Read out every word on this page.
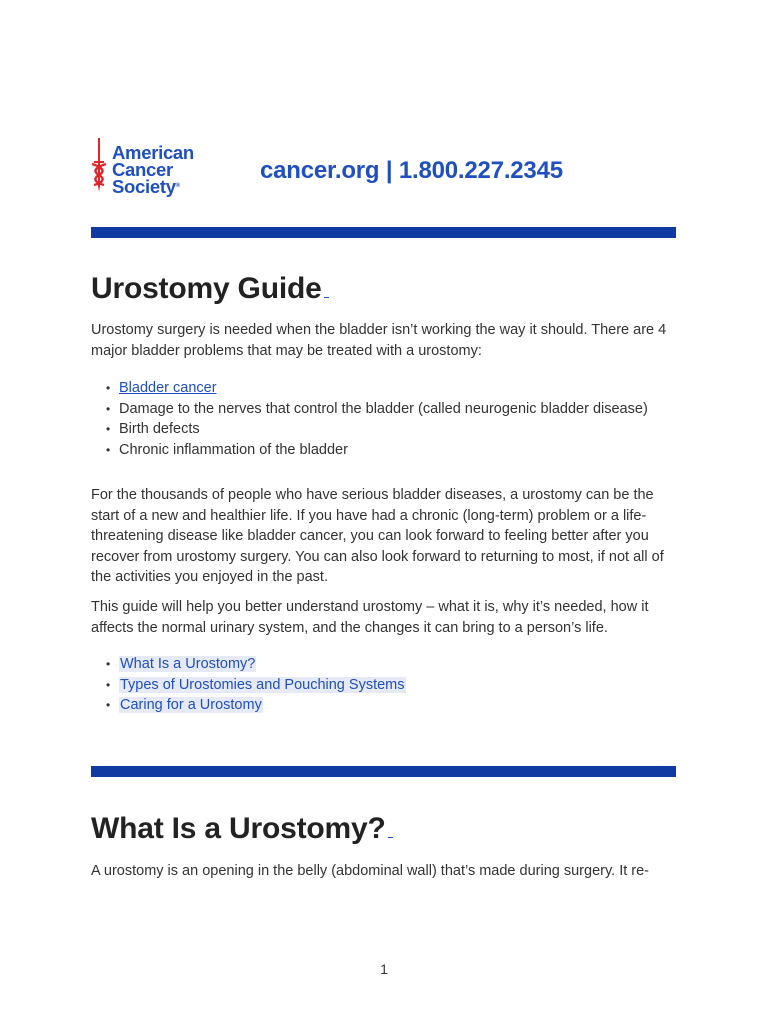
American
Cancer
Society®
cancer.org | 1.800.227.2345
Urostomy Guide

Urostomy surgery is needed when the bladder isn’t working the way it should. There are 4 major bladder problems that may be treated with a urostomy:

• Bladder cancer
• Damage to the nerves that control the bladder (called neurogenic bladder disease)
• Birth defects
• Chronic inflammation of the bladder

For the thousands of people who have serious bladder diseases, a urostomy can be the start of a new and healthier life. If you have had a chronic (long-term) problem or a life-threatening disease like bladder cancer, you can look forward to feeling better after you recover from urostomy surgery. You can also look forward to returning to most, if not all of the activities you enjoyed in the past.

This guide will help you better understand urostomy – what it is, why it’s needed, how it affects the normal urinary system, and the changes it can bring to a person’s life.

• What Is a Urostomy?
• Types of Urostomies and Pouching Systems
• Caring for a Urostomy
What Is a Urostomy?

A urostomy is an opening in the belly (abdominal wall) that’s made during surgery. It re-

1
